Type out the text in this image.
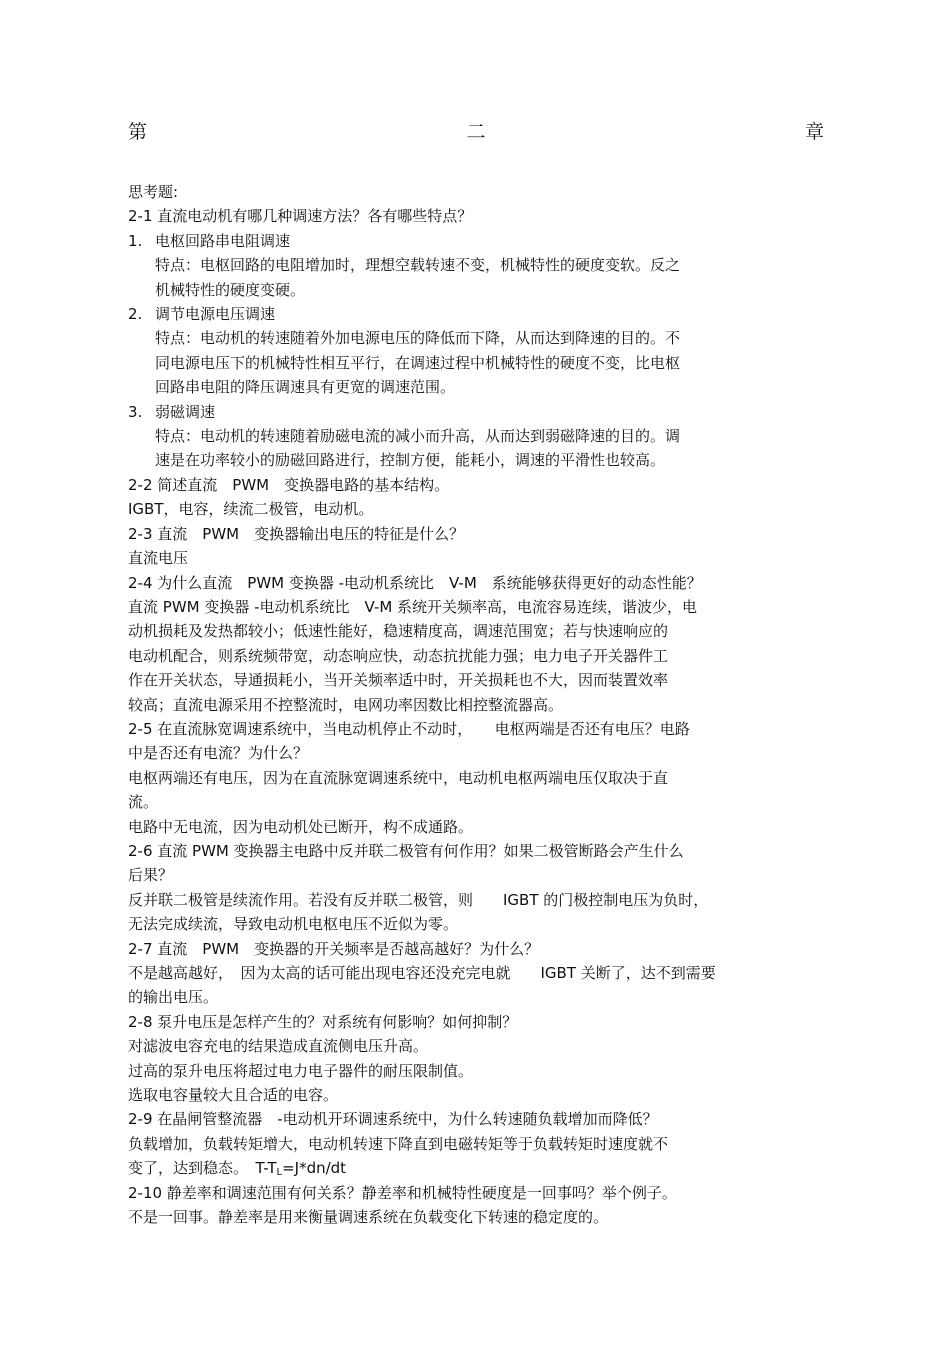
第	二	章
思考题:
2-1 直流电动机有哪几种调速方法？各有哪些特点？
1. 电枢回路串电阻调速
特点：电枢回路的电阻增加时，理想空载转速不变，机械特性的硬度变软。反之
机械特性的硬度变硬。
2. 调节电源电压调速
特点：电动机的转速随着外加电源电压的降低而下降，从而达到降速的目的。不
同电源电压下的机械特性相互平行，在调速过程中机械特性的硬度不变，比电枢
回路串电阻的降压调速具有更宽的调速范围。
3. 弱磁调速
特点：电动机的转速随着励磁电流的减小而升高，从而达到弱磁降速的目的。调
速是在功率较小的励磁回路进行，控制方便，能耗小，调速的平滑性也较高。
2-2 简述直流　PWM　变换器电路的基本结构。
IGBT，电容，续流二极管，电动机。
2-3 直流　PWM　变换器输出电压的特征是什么？
直流电压
2-4 为什么直流　PWM 变换器 -电动机系统比　V-M　系统能够获得更好的动态性能？
直流 PWM 变换器 -电动机系统比　V-M 系统开关频率高，电流容易连续，谐波少，电
动机损耗及发热都较小；低速性能好，稳速精度高，调速范围宽；若与快速响应的
电动机配合，则系统频带宽，动态响应快，动态抗扰能力强；电力电子开关器件工
作在开关状态，导通损耗小，当开关频率适中时，开关损耗也不大，因而装置效率
较高；直流电源采用不控整流时，电网功率因数比相控整流器高。
2-5 在直流脉宽调速系统中，当电动机停止不动时，　　电枢两端是否还有电压？电路
中是否还有电流？为什么？
电枢两端还有电压，因为在直流脉宽调速系统中，电动机电枢两端电压仅取决于直
流。
电路中无电流，因为电动机处已断开，构不成通路。
2-6 直流 PWM 变换器主电路中反并联二极管有何作用？如果二极管断路会产生什么
后果？
反并联二极管是续流作用。若没有反并联二极管，则　　IGBT 的门极控制电压为负时，
无法完成续流，导致电动机电枢电压不近似为零。
2-7 直流　PWM　变换器的开关频率是否越高越好？为什么？
不是越高越好，　因为太高的话可能出现电容还没充完电就　　IGBT 关断了，达不到需要
的输出电压。
2-8 泵升电压是怎样产生的？对系统有何影响？如何抑制？
对滤波电容充电的结果造成直流侧电压升高。
过高的泵升电压将超过电力电子器件的耐压限制值。
选取电容量较大且合适的电容。
2-9 在晶闸管整流器　-电动机开环调速系统中，为什么转速随负载增加而降低？
负载增加，负载转矩增大，电动机转速下降直到电磁转矩等于负载转矩时速度就不
变了，达到稳态。　$T-T_L=J*dn/dt$
2-10 静差率和调速范围有何关系？静差率和机械特性硬度是一回事吗？举个例子。
不是一回事。静差率是用来衡量调速系统在负载变化下转速的稳定度的。
